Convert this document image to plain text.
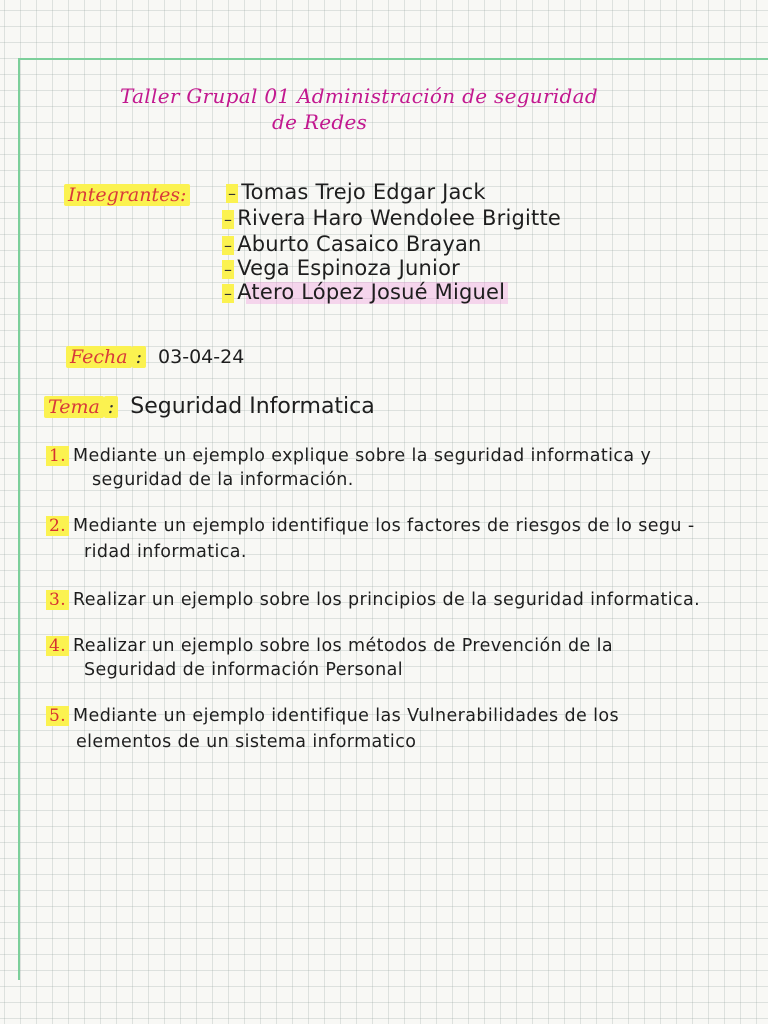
Taller Grupal 01 Administración de seguridad
de Redes
Integrantes:	– Tomas Trejo Edgar Jack
– Rivera Haro Wendolee Brigitte
– Aburto Casaico Brayan
– Vega Espinoza Junior
– Atero López Josué Miguel
Fecha : 03-04-24
Tema : Seguridad Informatica
1. Mediante un ejemplo explique sobre la seguridad informatica y
seguridad de la información.
2. Mediante un ejemplo identifique los factores de riesgos de lo segu -
ridad informatica.
3. Realizar un ejemplo sobre los principios de la seguridad informatica.
4. Realizar un ejemplo sobre los métodos de Prevención de la
Seguridad de información Personal
5. Mediante un ejemplo identifique las Vulnerabilidades de los
elementos de un sistema informatico
